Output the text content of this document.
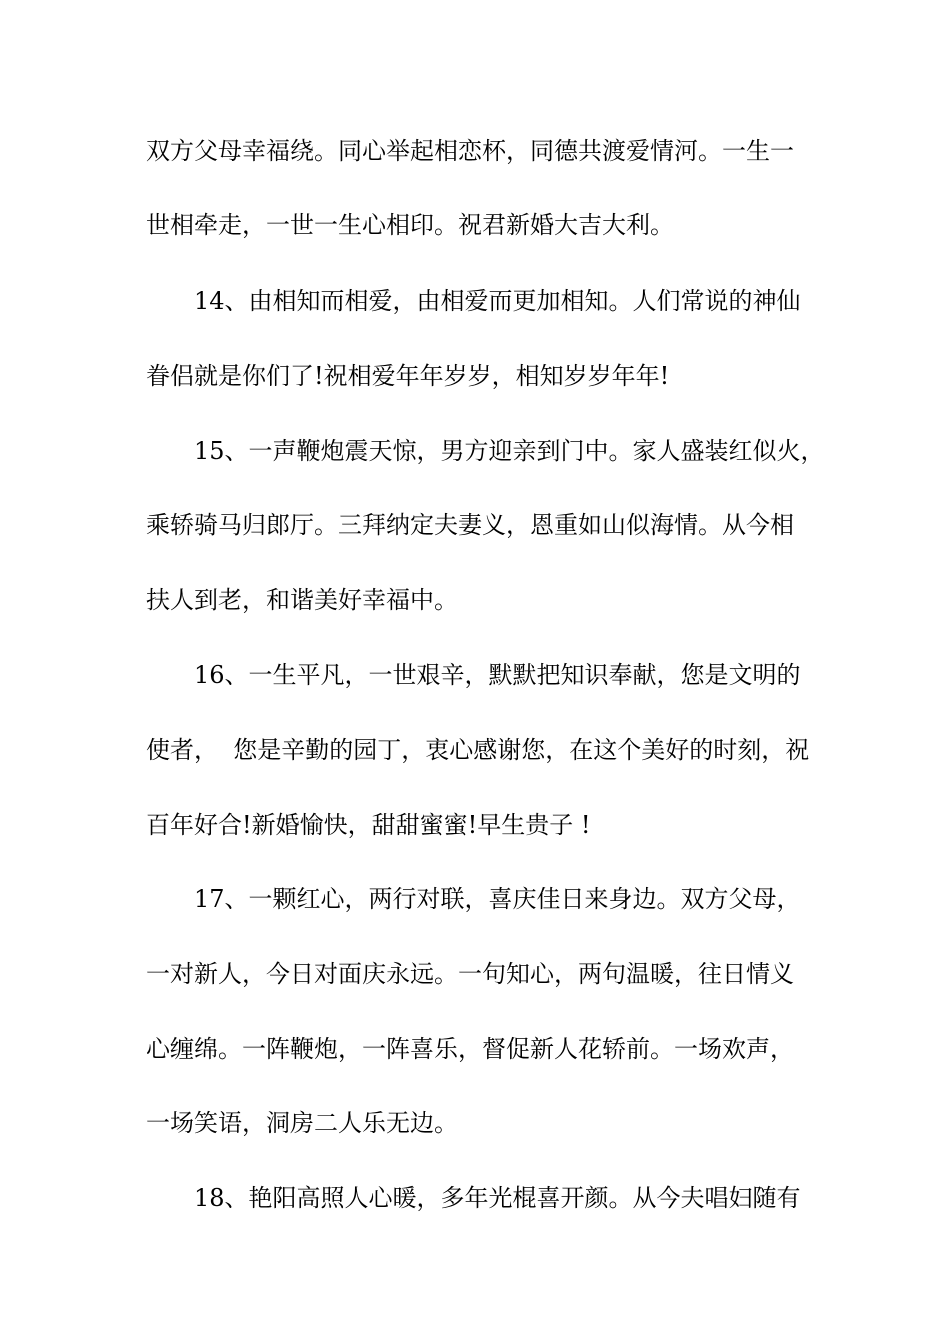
双方父母幸福绕。同心举起相恋杯，同德共渡爱情河。一生一
世相牵走，一世一生心相印。祝君新婚大吉大利。
14、由相知而相爱，由相爱而更加相知。人们常说的神仙
眷侣就是你们了!祝相爱年年岁岁，相知岁岁年年!
15、一声鞭炮震天惊，男方迎亲到门中。家人盛装红似火，
乘轿骑马归郎厅。三拜纳定夫妻义，恩重如山似海情。从今相
扶人到老，和谐美好幸福中。
16、一生平凡，一世艰辛，默默把知识奉献，您是文明的
使者，  您是辛勤的园丁，衷心感谢您，在这个美好的时刻，祝
百年好合!新婚愉快，甜甜蜜蜜!早生贵子 !
17、一颗红心，两行对联，喜庆佳日来身边。双方父母，
一对新人，今日对面庆永远。一句知心，两句温暖，往日情义
心缠绵。一阵鞭炮，一阵喜乐，督促新人花轿前。一场欢声，
一场笑语，洞房二人乐无边。
18、艳阳高照人心暖，多年光棍喜开颜。从今夫唱妇随有
